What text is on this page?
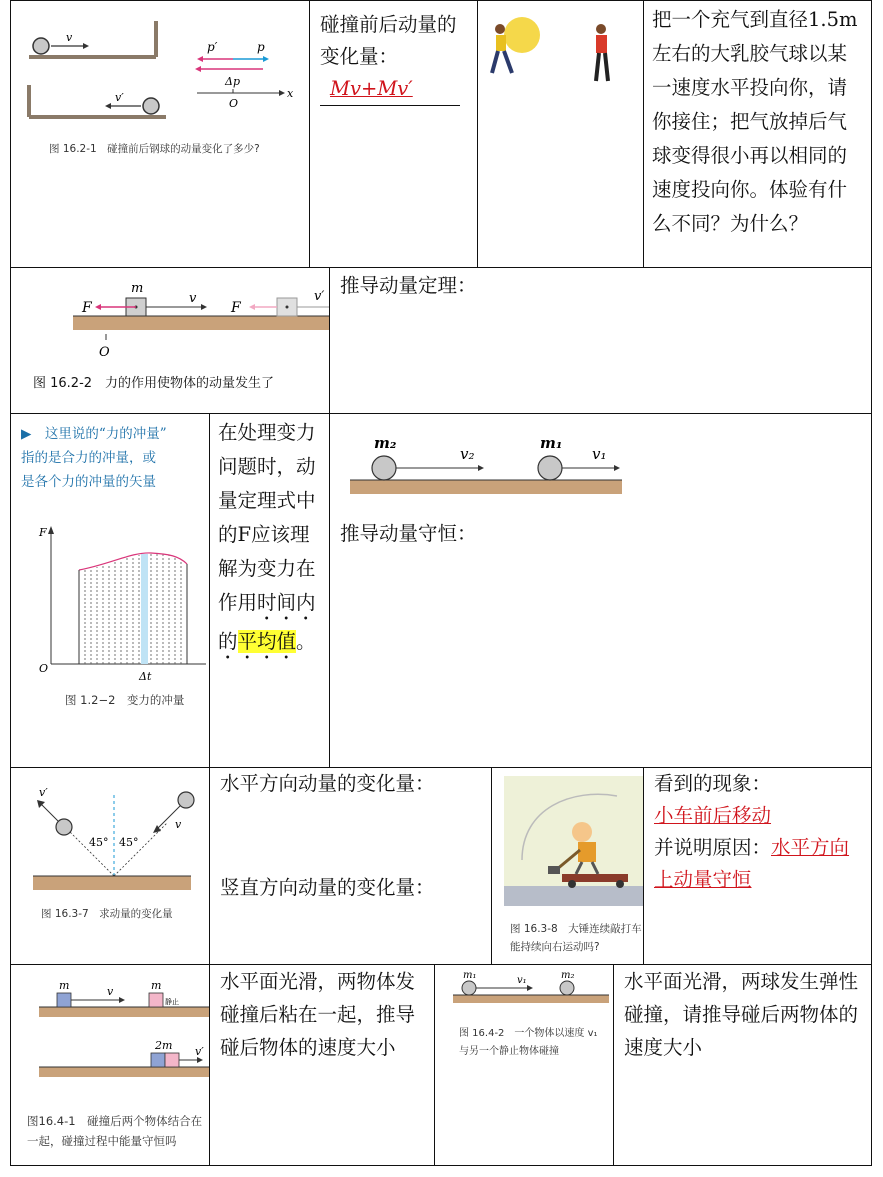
v
v′
p′	p
Δp
O
x
图 16.2-1　碰撞前后钢球的动量变化了多少?
碰撞前后动量的变化量：
Mv+Mv′
把一个充气到直径1.5m左右的大乳胶气球以某一速度水平投向你，请你接住；把气放掉后气球变得很小再以相同的速度投向你。体验有什么不同？为什么？
F
m
v
F
v′
O
图 16.2-2　力的作用使物体的动量发生了
推导动量定理：
▶　这里说的“力的冲量”
指的是合力的冲量，或
是各个力的冲量的矢量
F
O
Δt
图 1.2−2　变力的冲量
在处理变力问题时，动量定理式中的F应该理解为变力在作用时间内的平均值。
m₂
v₂
m₁
v₁
推导动量守恒：
v′
v
45° 45°
图 16.3-7　求动量的变化量
水平方向动量的变化量：
竖直方向动量的变化量：
图 16.3-8　大锤连续敲打车能持续向右运动吗?
看到的现象：
小车前后移动
并说明原因：水平方向上动量守恒
m	v	m
静止
2m v′
图16.4-1　碰撞后两个物体结合在一起，碰撞过程中能量守恒吗
水平面光滑，两物体发碰撞后粘在一起，推导碰后物体的速度大小
m₁	v₁	m₂
图 16.4-2　一个物体以速度 v₁ 与另一个静止物体碰撞
水平面光滑，两球发生弹性碰撞，请推导碰后两物体的速度大小
